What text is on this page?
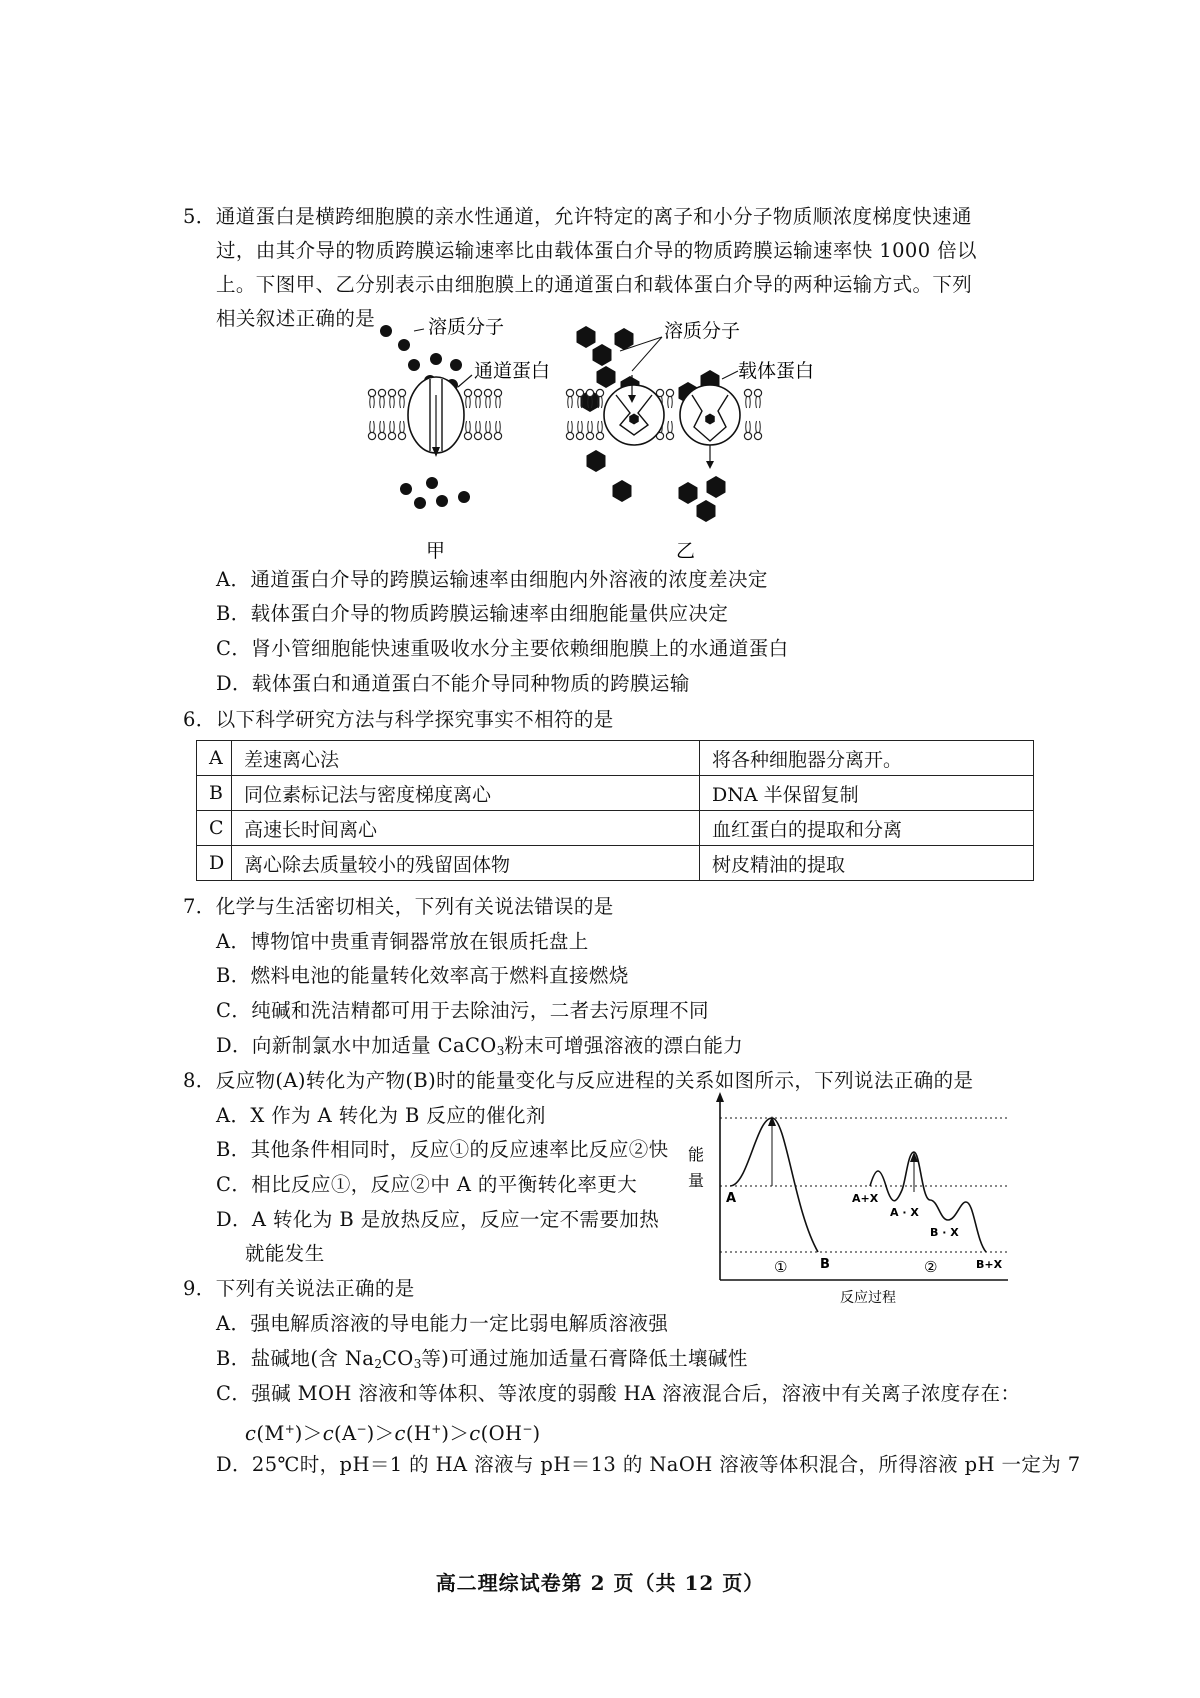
5．通道蛋白是横跨细胞膜的亲水性通道，允许特定的离子和小分子物质顺浓度梯度快速通
过，由其介导的物质跨膜运输速率比由载体蛋白介导的物质跨膜运输速率快 1000 倍以
上。下图甲、乙分别表示由细胞膜上的通道蛋白和载体蛋白介导的两种运输方式。下列
相关叙述正确的是	溶质分子
通道蛋白
甲
溶质分子
载体蛋白
乙
A．通道蛋白介导的跨膜运输速率由细胞内外溶液的浓度差决定
B．载体蛋白介导的物质跨膜运输速率由细胞能量供应决定
C．肾小管细胞能快速重吸收水分主要依赖细胞膜上的水通道蛋白
D．载体蛋白和通道蛋白不能介导同种物质的跨膜运输
6．以下科学研究方法与科学探究事实不相符的是
A	差速离心法	将各种细胞器分离开。
B	同位素标记法与密度梯度离心	DNA 半保留复制
C	高速长时间离心	血红蛋白的提取和分离
D	离心除去质量较小的残留固体物	树皮精油的提取
7．化学与生活密切相关，下列有关说法错误的是
A．博物馆中贵重青铜器常放在银质托盘上
B．燃料电池的能量转化效率高于燃料直接燃烧
C．纯碱和洗洁精都可用于去除油污，二者去污原理不同
D．向新制氯水中加适量 CaCO$_3$粉末可增强溶液的漂白能力
8．反应物(A)转化为产物(B)时的能量变化与反应进程的关系如图所示，下列说法正确的是
A．X 作为 A 转化为 B 反应的催化剂
B．其他条件相同时，反应①的反应速率比反应②快
C．相比反应①，反应②中 A 的平衡转化率更大
D．A 转化为 B 是放热反应，反应一定不需要加热
就能发生
能
量
A
B
A+X
A · X
B · X
B+X
①	②
反应过程
9．下列有关说法正确的是
A．强电解质溶液的导电能力一定比弱电解质溶液强
B．盐碱地(含 $Na_2CO_3$等)可通过施加适量石膏降低土壤碱性
C．强碱 MOH 溶液和等体积、等浓度的弱酸 HA 溶液混合后，溶液中有关离子浓度存在：
c(M+)＞c(A−)＞c(H+)＞c(OH−)
D．25℃时，pH＝1 的 HA 溶液与 pH＝13 的 NaOH 溶液等体积混合，所得溶液 pH 一定为 7
高二理综试卷第 2 页（共 12 页）
